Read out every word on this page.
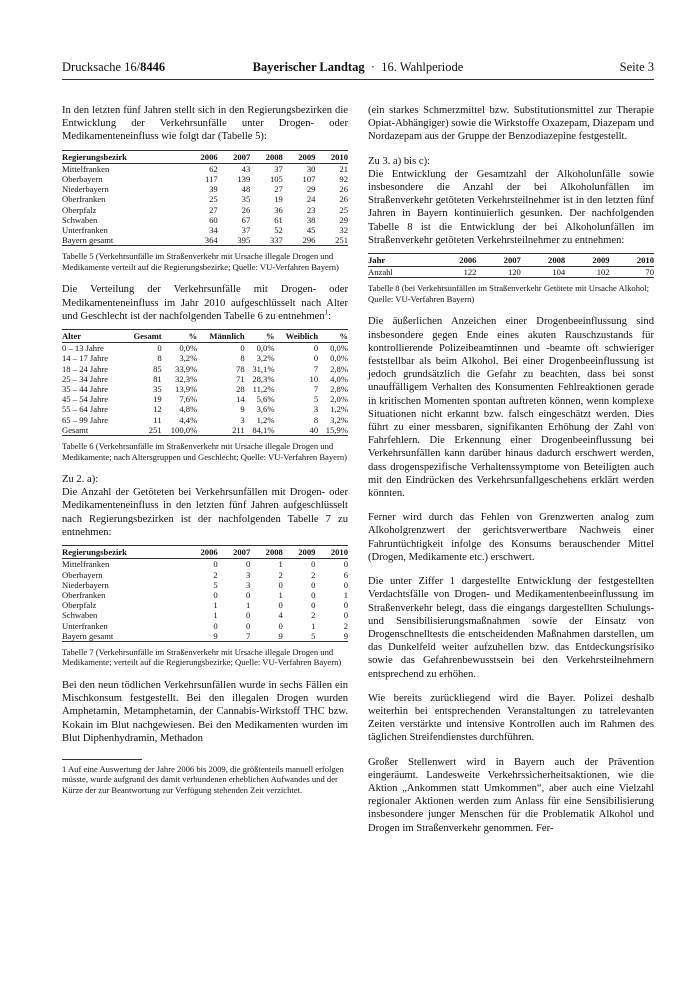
Drucksache 16/8446	Bayerischer Landtag · 16. Wahlperiode	Seite 3

In den letzten fünf Jahren stellt sich in den Regierungsbezirken die Entwicklung der Verkehrsunfälle unter Drogen- oder Medikamenteneinfluss wie folgt dar (Tabelle 5):

Regierungsbezirk	2006	2007	2008	2009	2010
Mittelfranken	62	43	37	30	21
Oberbayern	117	139	105	107	92
Niederbayern	39	48	27	29	26
Oberfranken	25	35	19	24	26
Oberpfalz	27	26	36	23	25
Schwaben	60	67	61	38	29
Unterfranken	34	37	52	45	32
Bayern gesamt	364	395	337	296	251
Tabelle 5 (Verkehrsunfälle im Straßenverkehr mit Ursache illegale Drogen und Medikamente verteilt auf die Regierungsbezirke; Quelle: VU-Verfahren Bayern)

Die Verteilung der Verkehrsunfälle mit Drogen- oder Medikamenteneinfluss im Jahr 2010 aufgeschlüsselt nach Alter und Geschlecht ist der nachfolgenden Tabelle 6 zu entnehmen$^1$:

Alter	Gesamt	%	Männlich	%	Weiblich	%
0 – 13 Jahre	0	0,0%	0	0,0%	0	0,0%
14 – 17 Jahre	8	3,2%	8	3,2%	0	0,0%
18 – 24 Jahre	85	33,9%	78	31,1%	7	2,8%
25 – 34 Jahre	81	32,3%	71	28,3%	10	4,0%
35 – 44 Jahre	35	13,9%	28	11,2%	7	2,8%
45 – 54 Jahre	19	7,6%	14	5,6%	5	2,0%
55 – 64 Jahre	12	4,8%	9	3,6%	3	1,2%
65 – 99 Jahre	11	4,4%	3	1,2%	8	3,2%
Gesamt	251	100,0%	211	84,1%	40	15,9%
Tabelle 6 (Verkehrsunfälle im Straßenverkehr mit Ursache illegale Drogen und Medikamente; nach Altersgruppen und Geschlecht; Quelle: VU-Verfahren Bayern)

Zu 2. a):

Die Anzahl der Getöteten bei Verkehrsunfällen mit Drogen- oder Medikamenteneinfluss in den letzten fünf Jahren aufgeschlüsselt nach Regierungsbezirken ist der nachfolgenden Tabelle 7 zu entnehmen:

Regierungsbezirk	2006	2007	2008	2009	2010
Mittelfranken	0	0	1	0	0
Oberbayern	2	3	2	2	6
Niederbayern	5	3	0	0	0
Oberfranken	0	0	1	0	1
Oberpfalz	1	1	0	0	0
Schwaben	1	0	4	2	0
Unterfranken	0	0	0	1	2
Bayern gesamt	9	7	9	5	9
Tabelle 7 (Verkehrsunfälle im Straßenverkehr mit Ursache illegale Drogen und Medikamente; verteilt auf die Regierungsbezirke; Quelle: VU-Verfahren Bayern)

Bei den neun tödlichen Verkehrsunfällen wurde in sechs Fällen ein Mischkonsum festgestellt. Bei den illegalen Drogen wurden Amphetamin, Metamphetamin, der Cannabis-Wirkstoff THC bzw. Kokain im Blut nachgewiesen. Bei den Medikamenten wurden im Blut Diphenhydramin, Methadon

1 Auf eine Auswertung der Jahre 2006 bis 2009, die größtenteils manuell erfolgen müsste, wurde aufgrund des damit verbundenen erheblichen Aufwandes und der Kürze der zur Beantwortung zur Verfügung stehenden Zeit verzichtet.

(ein starkes Schmerzmittel bzw. Substitutionsmittel zur Therapie Opiat-Abhängiger) sowie die Wirkstoffe Oxazepam, Diazepam und Nordazepam aus der Gruppe der Benzodiazepine festgestellt.

Zu 3. a) bis c):

Die Entwicklung der Gesamtzahl der Alkoholunfälle sowie insbesondere die Anzahl der bei Alkoholunfällen im Straßenverkehr getöteten Verkehrsteilnehmer ist in den letzten fünf Jahren in Bayern kontinuierlich gesunken. Der nachfolgenden Tabelle 8 ist die Entwicklung der bei Alkoholunfällen im Straßenverkehr getöteten Verkehrsteilnehmer zu entnehmen:

Jahr	2006	2007	2008	2009	2010
Anzahl	122	120	104	102	70
Tabelle 8 (bei Verkehrsunfällen im Straßenverkehr Getötete mit Ursache Alkohol; Quelle: VU-Verfahren Bayern)

Die äußerlichen Anzeichen einer Drogenbeeinflussung sind insbesondere gegen Ende eines akuten Rauschzustands für kontrollierende Polizeibeamtinnen und -beamte oft schwieriger feststellbar als beim Alkohol. Bei einer Drogenbeeinflussung ist jedoch grundsätzlich die Gefahr zu beachten, dass bei sonst unauffälligem Verhalten des Konsumenten Fehlreaktionen gerade in kritischen Momenten spontan auftreten können, wenn komplexe Situationen nicht erkannt bzw. falsch eingeschätzt werden. Dies führt zu einer messbaren, signifikanten Erhöhung der Zahl von Fahrfehlern. Die Erkennung einer Drogenbeeinflussung bei Verkehrsunfällen kann darüber hinaus dadurch erschwert werden, dass drogenspezifische Verhaltenssymptome von Beteiligten auch mit den Eindrücken des Verkehrsunfallgeschehens erklärt werden könnten.

Ferner wird durch das Fehlen von Grenzwerten analog zum Alkoholgrenzwert der gerichtsverwertbare Nachweis einer Fahruntüchtigkeit infolge des Konsums berauschender Mittel (Drogen, Medikamente etc.) erschwert.

Die unter Ziffer 1 dargestellte Entwicklung der festgestellten Verdachtsfälle von Drogen- und Medikamentenbeeinflussung im Straßenverkehr belegt, dass die eingangs dargestellten Schulungs- und Sensibilisierungsmaßnahmen sowie der Einsatz von Drogenschnelltests die entscheidenden Maßnahmen darstellen, um das Dunkelfeld weiter aufzuhellen bzw. das Entdeckungsrisiko sowie das Gefahrenbewusstsein bei den Verkehrsteilnehmern entsprechend zu erhöhen.

Wie bereits zurückliegend wird die Bayer. Polizei deshalb weiterhin bei entsprechenden Veranstaltungen zu tatrelevanten Zeiten verstärkte und intensive Kontrollen auch im Rahmen des täglichen Streifendienstes durchführen.

Großer Stellenwert wird in Bayern auch der Prävention eingeräumt. Landesweite Verkehrssicherheitsaktionen, wie die Aktion „Ankommen statt Umkommen“, aber auch eine Vielzahl regionaler Aktionen werden zum Anlass für eine Sensibilisierung insbesondere junger Menschen für die Problematik Alkohol und Drogen im Straßenverkehr genommen. Fer-
